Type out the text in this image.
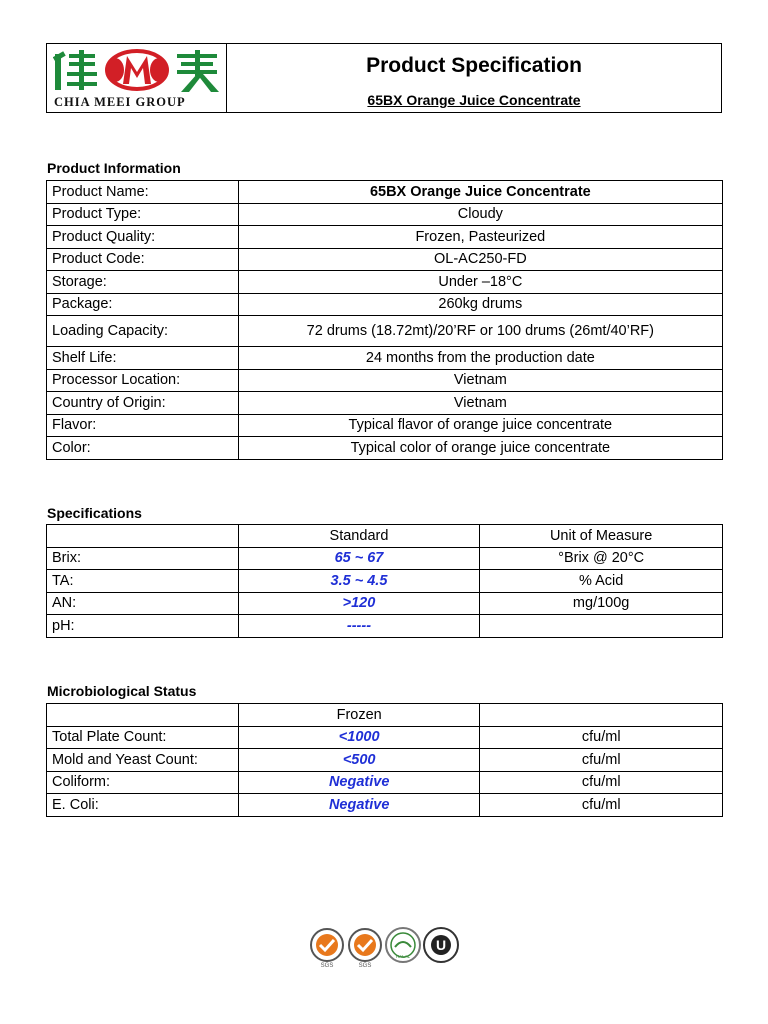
CHIA MEEI GROUP
Product Specification
65BX Orange Juice Concentrate
Product Information
Product Name:	65BX Orange Juice Concentrate
Product Type:	Cloudy
Product Quality:	Frozen, Pasteurized
Product Code:	OL-AC250-FD
Storage:	Under –18°C
Package:	260kg drums
Loading Capacity:	72 drums (18.72mt)/20’RF or 100 drums (26mt/40’RF)
Shelf Life:	24 months from the production date
Processor Location:	Vietnam
Country of Origin:	Vietnam
Flavor:	Typical flavor of orange juice concentrate
Color:	Typical color of orange juice concentrate
Specifications
	Standard	Unit of Measure
Brix:	65 ~ 67	°Brix @ 20°C
TA:	3.5 ~ 4.5	% Acid
AN:	>120	mg/100g
pH:	-----	
Microbiological Status
	Frozen	
Total Plate Count:	<1000	cfu/ml
Mold and Yeast Count:	<500	cfu/ml
Coliform:	Negative	cfu/ml
E. Coli:	Negative	cfu/ml
SGS	SGS
HALAL
U
